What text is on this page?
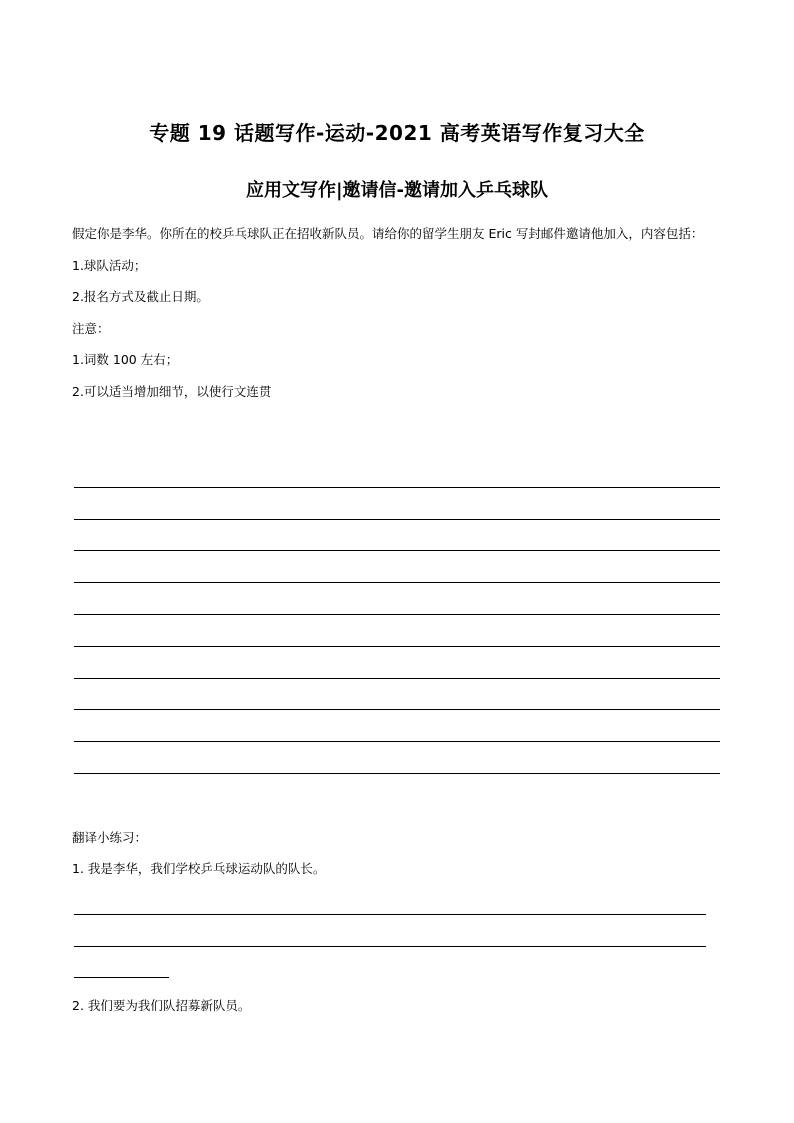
专题 19 话题写作-运动-2021 高考英语写作复习大全
应用文写作|邀请信-邀请加入乒乓球队

假定你是李华。你所在的校乒乓球队正在招收新队员。请给你的留学生朋友 Eric 写封邮件邀请他加入，内容包括：

1.球队活动；

2.报名方式及截止日期。

注意：

1.词数 100 左右；

2.可以适当增加细节，以使行文连贯

翻译小练习：

1. 我是李华，我们学校乒乓球运动队的队长。

2. 我们要为我们队招募新队员。
